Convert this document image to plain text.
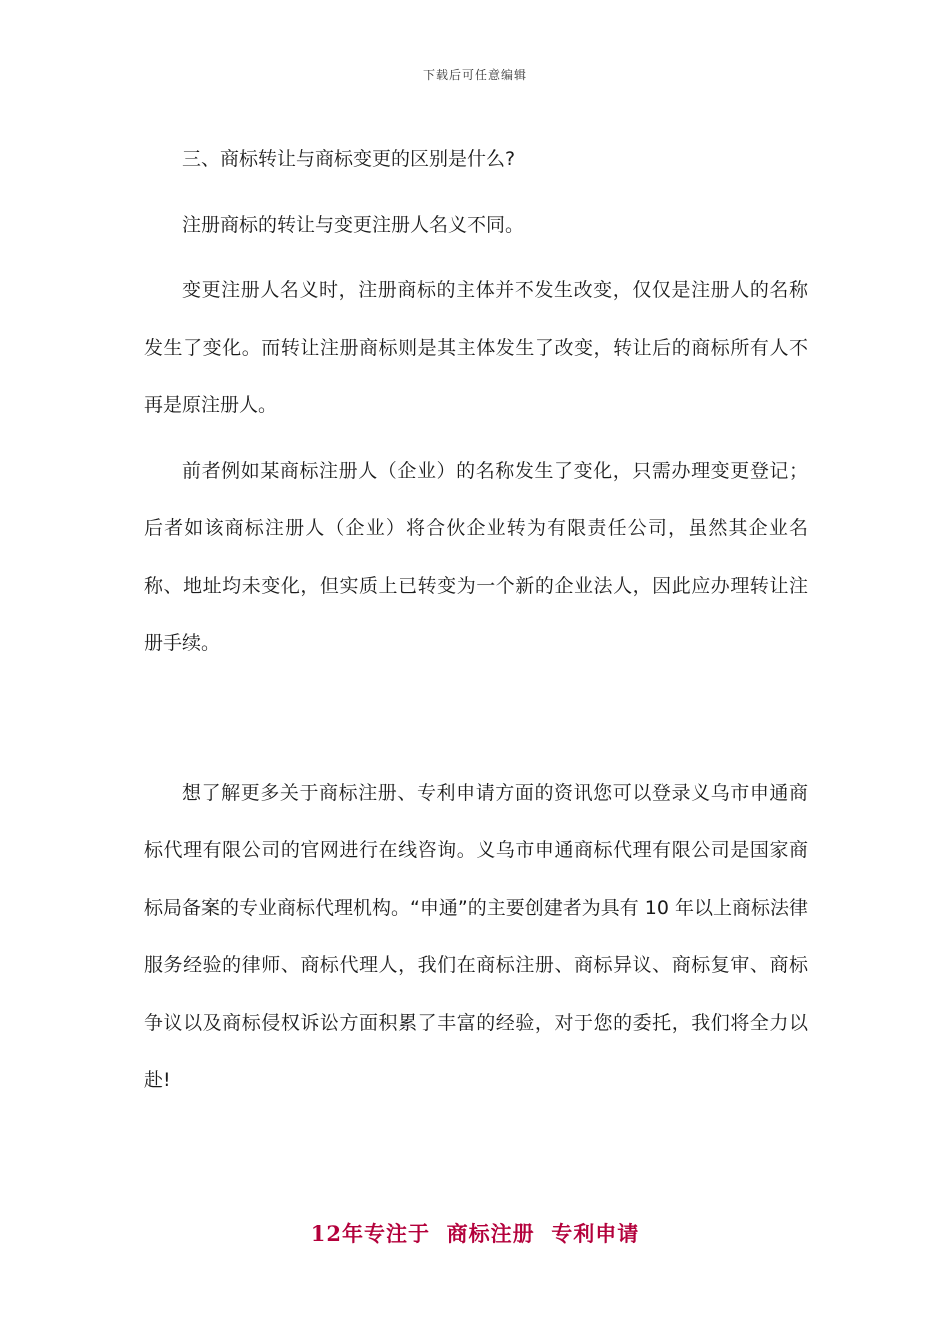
下载后可任意编辑

三、商标转让与商标变更的区别是什么?

注册商标的转让与变更注册人名义不同。

变更注册人名义时，注册商标的主体并不发生改变，仅仅是注册人的名称发生了变化。而转让注册商标则是其主体发生了改变，转让后的商标所有人不再是原注册人。

前者例如某商标注册人（企业）的名称发生了变化，只需办理变更登记；后者如该商标注册人（企业）将合伙企业转为有限责任公司，虽然其企业名称、地址均未变化，但实质上已转变为一个新的企业法人，因此应办理转让注册手续。

想了解更多关于商标注册、专利申请方面的资讯您可以登录义乌市申通商标代理有限公司的官网进行在线咨询。义乌市申通商标代理有限公司是国家商标局备案的专业商标代理机构。“申通”的主要创建者为具有 10 年以上商标法律服务经验的律师、商标代理人，我们在商标注册、商标异议、商标复审、商标争议以及商标侵权诉讼方面积累了丰富的经验，对于您的委托，我们将全力以赴!

12年专注于  商标注册  专利申请
